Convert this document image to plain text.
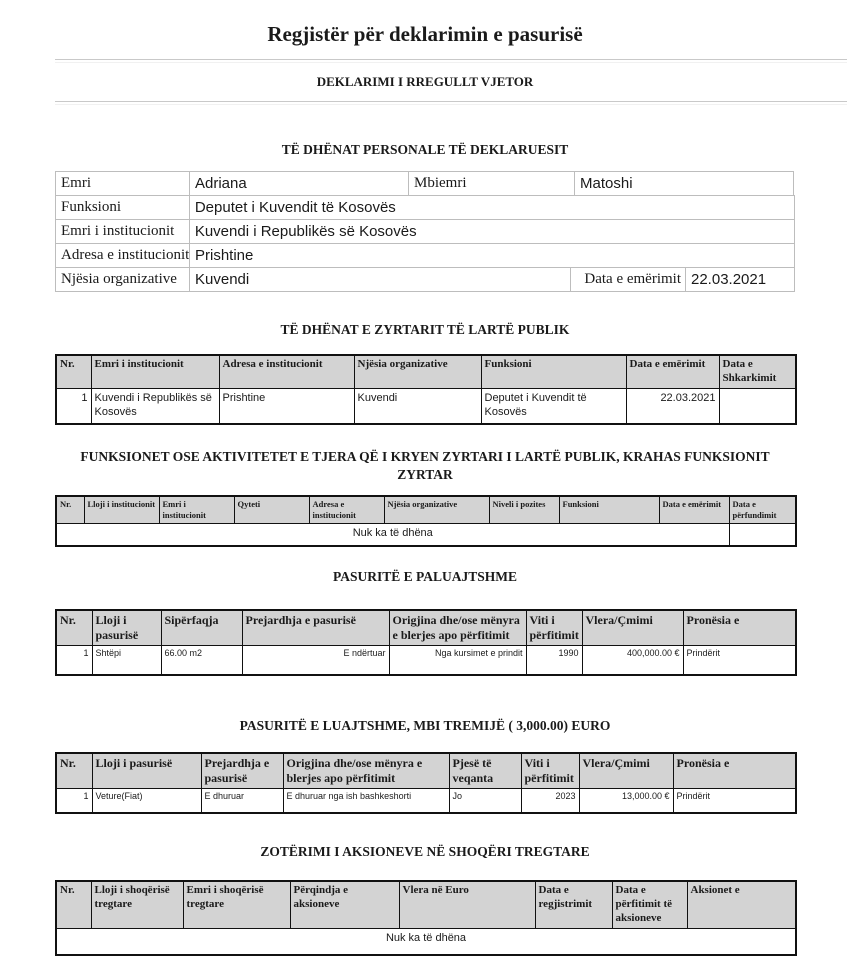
Regjistër për deklarimin e pasurisë
DEKLARIMI I RREGULLT VJETOR
TË DHËNAT PERSONALE TË DEKLARUESIT
Emri	Adriana	Mbiemri	Matoshi
Funksioni	Deputet i Kuvendit të Kosovës
Emri i institucionit	Kuvendi i Republikës së Kosovës
Adresa e institucionit Prishtine
Njësia organizative	Kuvendi	Data e emërimit 22.03.2021
TË DHËNAT E ZYRTARIT TË LARTË PUBLIK
Nr.	Emri i institucionit	Adresa e institucionit	Njësia organizative	Funksioni	Data e emërimit	Data e Shkarkimit
1	Kuvendi i Republikës së Kosovës	Prishtine	Kuvendi	Deputet i Kuvendit të Kosovës	22.03.2021	
FUNKSIONET OSE AKTIVITETET E TJERA QË I KRYEN ZYRTARI I LARTË PUBLIK, KRAHAS FUNKSIONIT ZYRTAR
Nr.	Lloji i institucionit	Emri i institucionit	Qyteti	Adresa e institucionit	Njësia organizative	Niveli i pozites	Funksioni	Data e emërimit	Data e përfundimit
Nuk ka të dhëna									
PASURITË E PALUAJTSHME
Nr.	Lloji i pasurisë	Sipërfaqja	Prejardhja e pasurisë	Origjina dhe/ose mënyra e blerjes apo përfitimit	Viti i përfitimit	Vlera/Çmimi	Pronësia e
1	Shtëpi	66.00 m2	E ndërtuar	Nga kursimet e prindit	1990	400,000.00 €	Prindërit
PASURITË E LUAJTSHME, MBI TREMIJË ( 3,000.00) EURO
Nr.	Lloji i pasurisë	Prejardhja e pasurisë	Origjina dhe/ose mënyra e blerjes apo përfitimit	Pjesë të veqanta	Viti i përfitimit	Vlera/Çmimi	Pronësia e
1	Veture(Fiat)	E dhuruar	E dhuruar nga ish bashkeshorti	Jo	2023	13,000.00 €	Prindërit
ZOTËRIMI I AKSIONEVE NË SHOQËRI TREGTARE
Nr.	Lloji i shoqërisë tregtare	Emri i shoqërisë tregtare	Përqindja e aksioneve	Vlera në Euro	Data e regjistrimit	Data e përfitimit të aksioneve	Aksionet e
Nuk ka të dhëna
